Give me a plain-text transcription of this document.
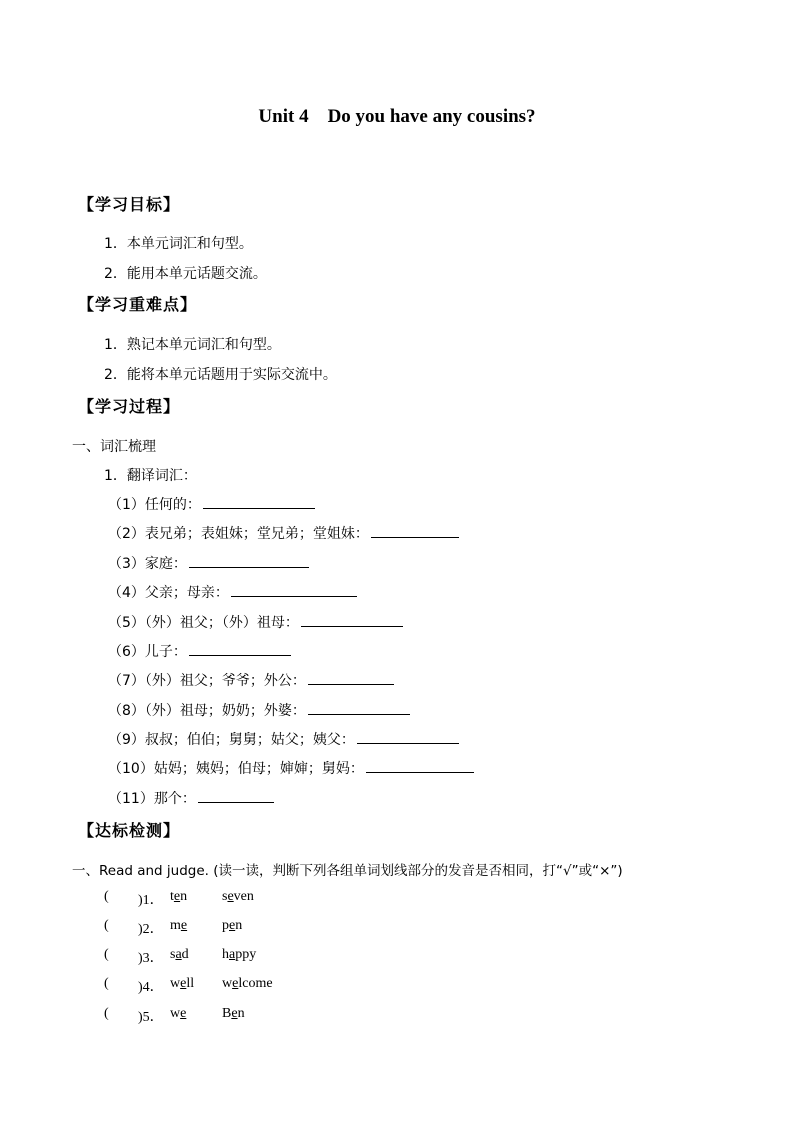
Unit 4    Do you have any cousins?
【学习目标】
1．本单元词汇和句型。
2．能用本单元话题交流。
【学习重难点】
1．熟记本单元词汇和句型。
2．能将本单元话题用于实际交流中。
【学习过程】
一、词汇梳理
1．翻译词汇：
（1）任何的：
（2）表兄弟；表姐妹；堂兄弟；堂姐妹：
（3）家庭：
（4）父亲；母亲：
（5）（外）祖父；（外）祖母：
（6）儿子：
（7）（外）祖父；爷爷；外公：
（8）（外）祖母；奶奶；外婆：
（9）叔叔；伯伯；舅舅；姑父；姨父：
（10）姑妈；姨妈；伯母；婶婶；舅妈：
（11）那个：
【达标检测】
一、Read and judge. (读一读，判断下列各组单词划线部分的发音是否相同，打“√”或“×”)
( )1． ten seven
( )2． me pen
( )3． sad happy
( )4． well welcome
( )5． we	Ben
